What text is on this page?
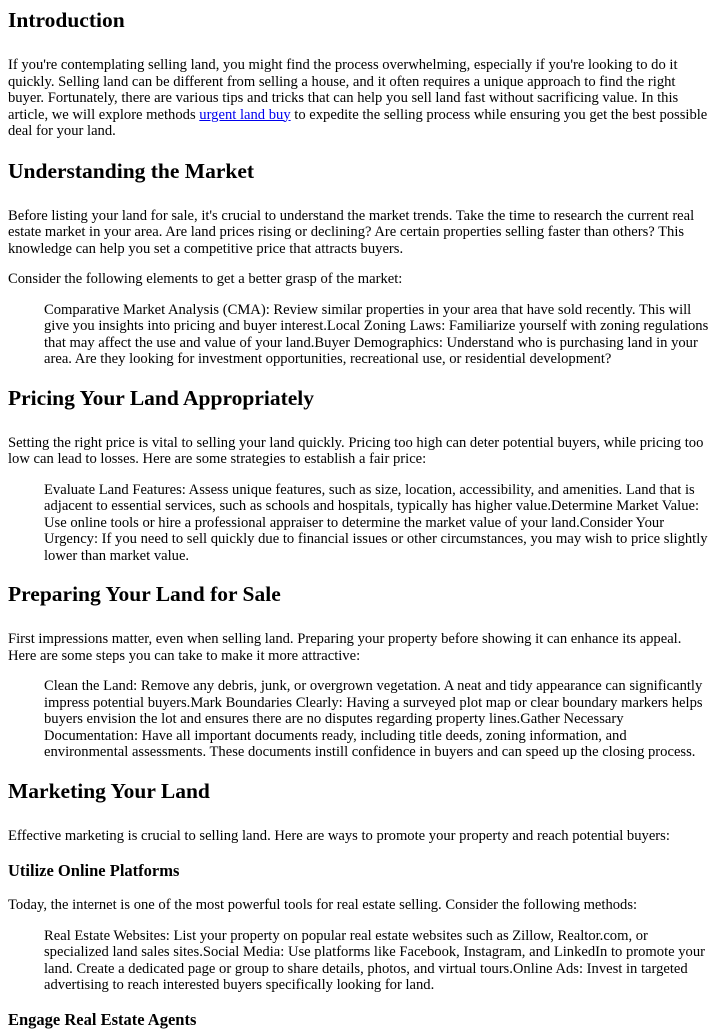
Introduction

If you're contemplating selling land, you might find the process overwhelming, especially if you're looking to do it quickly. Selling land can be different from selling a house, and it often requires a unique approach to find the right buyer. Fortunately, there are various tips and tricks that can help you sell land fast without sacrificing value. In this article, we will explore methods urgent land buy to expedite the selling process while ensuring you get the best possible deal for your land.

Understanding the Market

Before listing your land for sale, it's crucial to understand the market trends. Take the time to research the current real estate market in your area. Are land prices rising or declining? Are certain properties selling faster than others? This knowledge can help you set a competitive price that attracts buyers.

Consider the following elements to get a better grasp of the market:

Comparative Market Analysis (CMA): Review similar properties in your area that have sold recently. This will give you insights into pricing and buyer interest.Local Zoning Laws: Familiarize yourself with zoning regulations that may affect the use and value of your land.Buyer Demographics: Understand who is purchasing land in your area. Are they looking for investment opportunities, recreational use, or residential development?
Pricing Your Land Appropriately

Setting the right price is vital to selling your land quickly. Pricing too high can deter potential buyers, while pricing too low can lead to losses. Here are some strategies to establish a fair price:

Evaluate Land Features: Assess unique features, such as size, location, accessibility, and amenities. Land that is adjacent to essential services, such as schools and hospitals, typically has higher value.Determine Market Value: Use online tools or hire a professional appraiser to determine the market value of your land.Consider Your Urgency: If you need to sell quickly due to financial issues or other circumstances, you may wish to price slightly lower than market value.
Preparing Your Land for Sale

First impressions matter, even when selling land. Preparing your property before showing it can enhance its appeal. Here are some steps you can take to make it more attractive:

Clean the Land: Remove any debris, junk, or overgrown vegetation. A neat and tidy appearance can significantly impress potential buyers.Mark Boundaries Clearly: Having a surveyed plot map or clear boundary markers helps buyers envision the lot and ensures there are no disputes regarding property lines.Gather Necessary Documentation: Have all important documents ready, including title deeds, zoning information, and environmental assessments. These documents instill confidence in buyers and can speed up the closing process.
Marketing Your Land

Effective marketing is crucial to selling land. Here are ways to promote your property and reach potential buyers:

Utilize Online Platforms

Today, the internet is one of the most powerful tools for real estate selling. Consider the following methods:

Real Estate Websites: List your property on popular real estate websites such as Zillow, Realtor.com, or specialized land sales sites.Social Media: Use platforms like Facebook, Instagram, and LinkedIn to promote your land. Create a dedicated page or group to share details, photos, and virtual tours.Online Ads: Invest in targeted advertising to reach interested buyers specifically looking for land.
Engage Real Estate Agents
